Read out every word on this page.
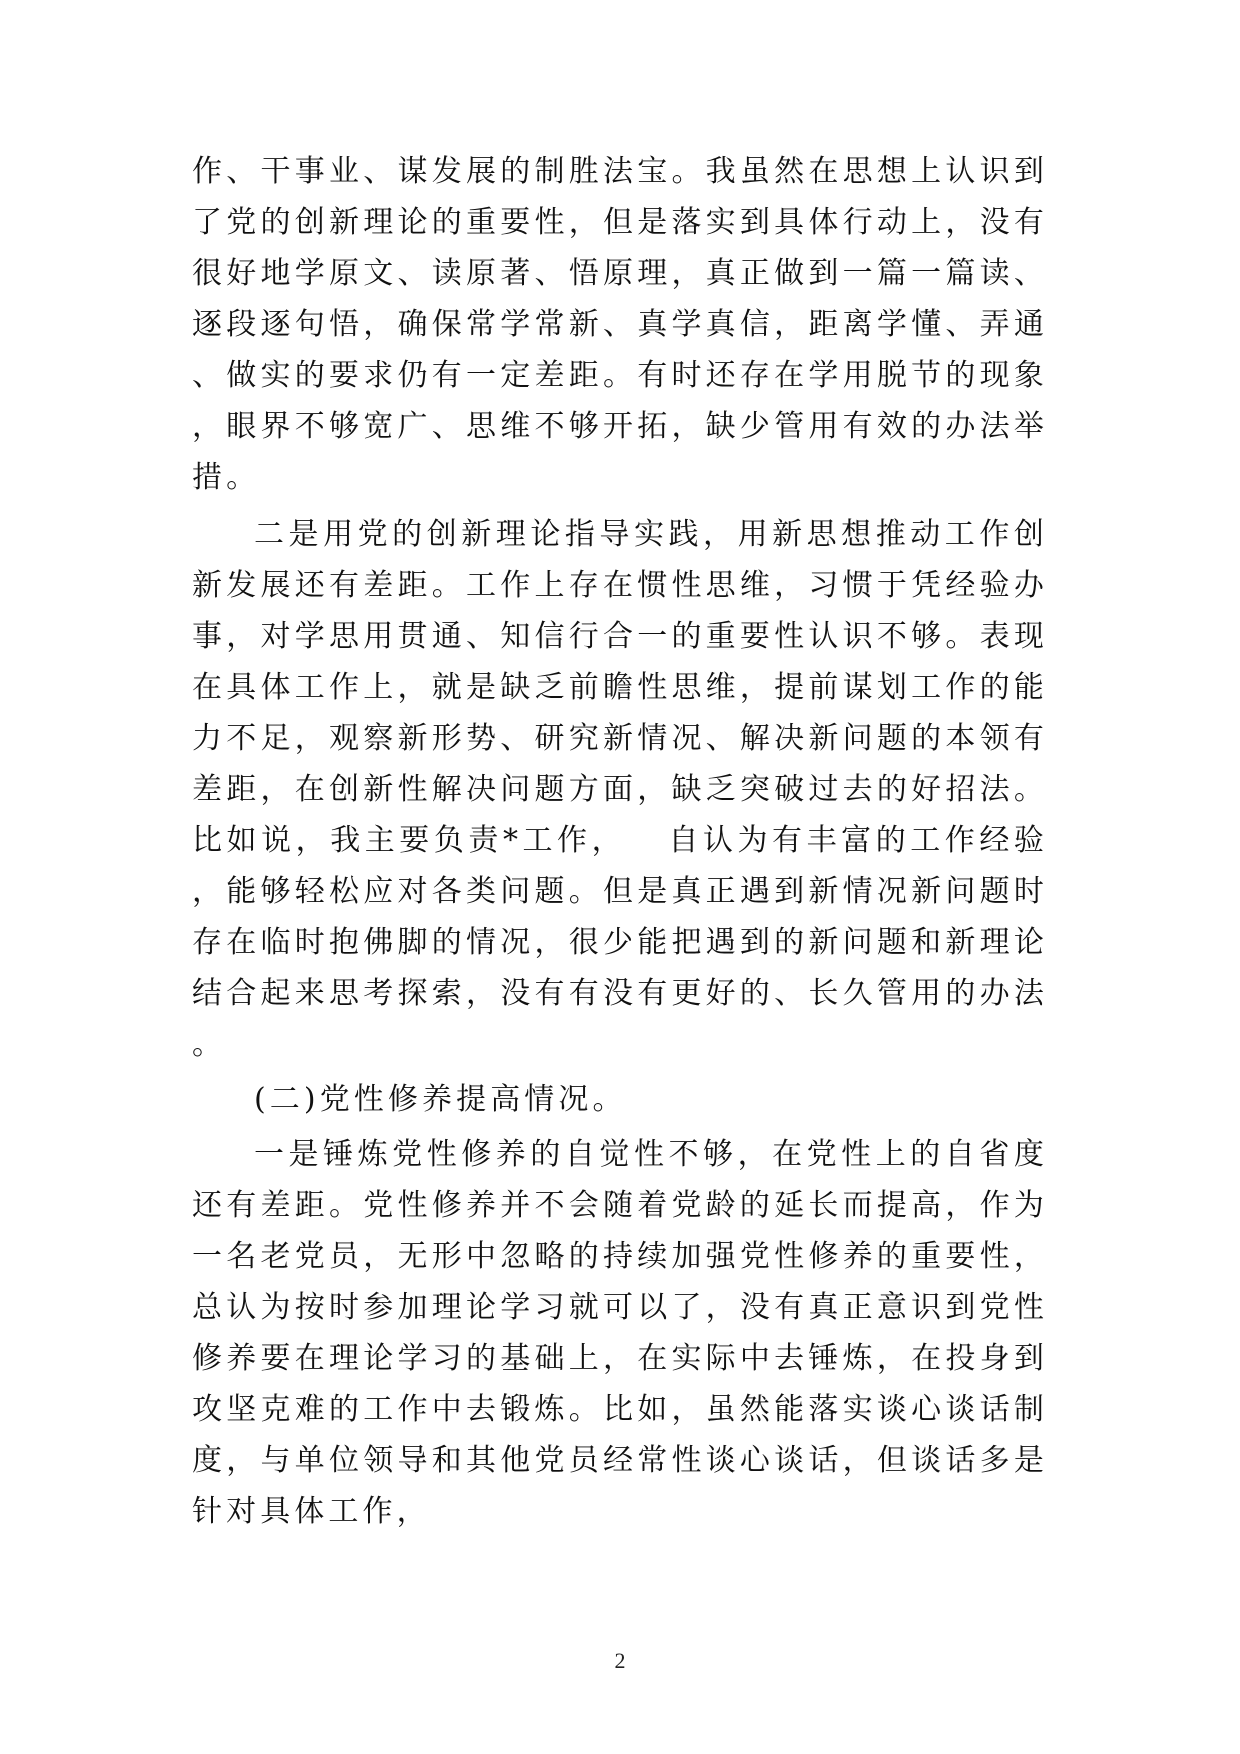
作、干事业、谋发展的制胜法宝。我虽然在思想上认识到了党的创新理论的重要性，但是落实到具体行动上，没有很好地学原文、读原著、悟原理，真正做到一篇一篇读、逐段逐句悟，确保常学常新、真学真信，距离学懂、弄通、做实的要求仍有一定差距。有时还存在学用脱节的现象，眼界不够宽广、思维不够开拓，缺少管用有效的办法举措。

二是用党的创新理论指导实践，用新思想推动工作创新发展还有差距。工作上存在惯性思维，习惯于凭经验办事，对学思用贯通、知信行合一的重要性认识不够。表现在具体工作上，就是缺乏前瞻性思维，提前谋划工作的能力不足，观察新形势、研究新情况、解决新问题的本领有差距，在创新性解决问题方面，缺乏突破过去的好招法。比如说，我主要负责*工作，   自认为有丰富的工作经验，能够轻松应对各类问题。但是真正遇到新情况新问题时存在临时抱佛脚的情况，很少能把遇到的新问题和新理论结合起来思考探索，没有有没有更好的、长久管用的办法。

(二)党性修养提高情况。

一是锤炼党性修养的自觉性不够，在党性上的自省度还有差距。党性修养并不会随着党龄的延长而提高，作为一名老党员，无形中忽略的持续加强党性修养的重要性，总认为按时参加理论学习就可以了，没有真正意识到党性修养要在理论学习的基础上，在实际中去锤炼，在投身到攻坚克难的工作中去锻炼。比如，虽然能落实谈心谈话制度，与单位领导和其他党员经常性谈心谈话，但谈话多是针对具体工作，

2
